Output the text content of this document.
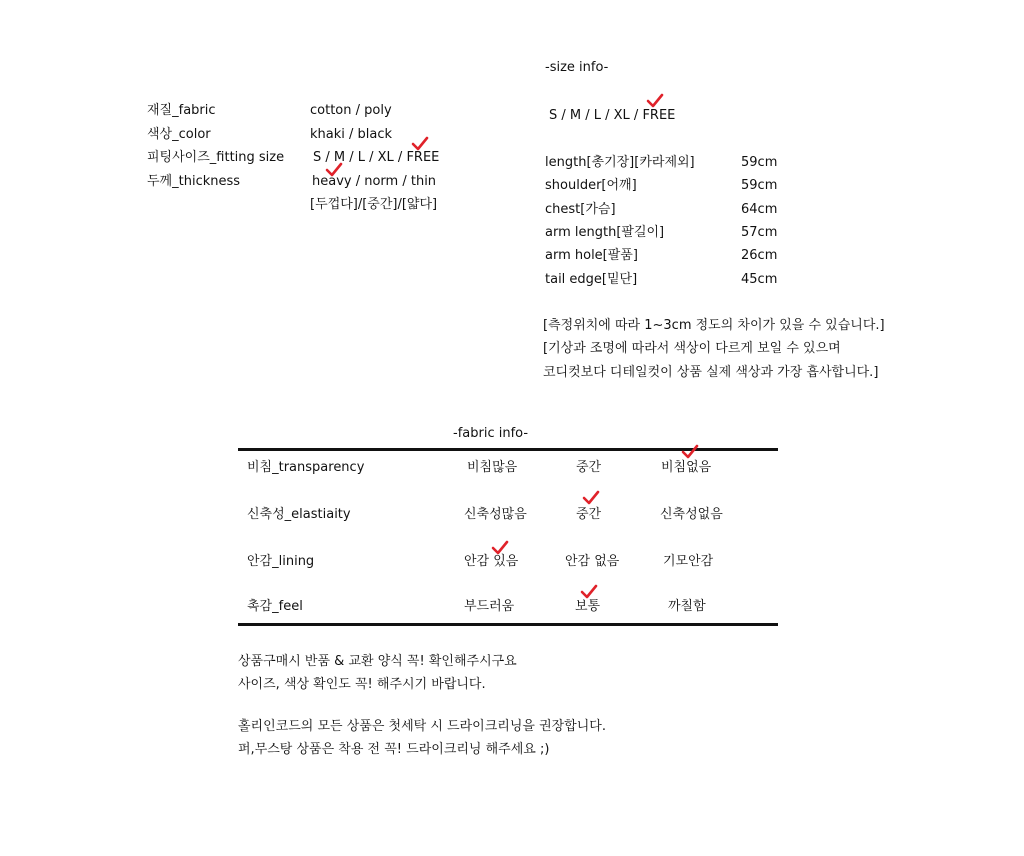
재질_fabric	cotton / poly
색상_color	khaki / black
피팅사이즈_fitting size S / M / L / XL / FREE
두께_thickness	heavy / norm / thin
[두껍다]/[중간]/[얇다]
-size info-
S / M / L / XL / FREE
length[총기장][카라제외]	59cm
shoulder[어깨]	59cm
chest[가슴]	64cm
arm length[팔길이]	57cm
arm hole[팔품]	26cm
tail edge[밑단]	45cm
[측정위치에 따라 1~3cm 정도의 차이가 있을 수 있습니다.]
[기상과 조명에 따라서 색상이 다르게 보일 수 있으며
코디컷보다 디테일컷이 상품 실제 색상과 가장 흡사합니다.]
-fabric info-
비침_transparency	비침많음	중간	비침없음
신축성_elastiaity	신축성많음	중간	신축성없음
안감_lining	안감 있음	안감 없음	기모안감
촉감_feel	부드러움	보통	까칠함
상품구매시 반품 & 교환 양식 꼭! 확인해주시구요
사이즈, 색상 확인도 꼭! 해주시기 바랍니다.
홀리인코드의 모든 상품은 첫세탁 시 드라이크리닝을 권장합니다.
퍼,무스탕 상품은 착용 전 꼭! 드라이크리닝 해주세요 ;)
